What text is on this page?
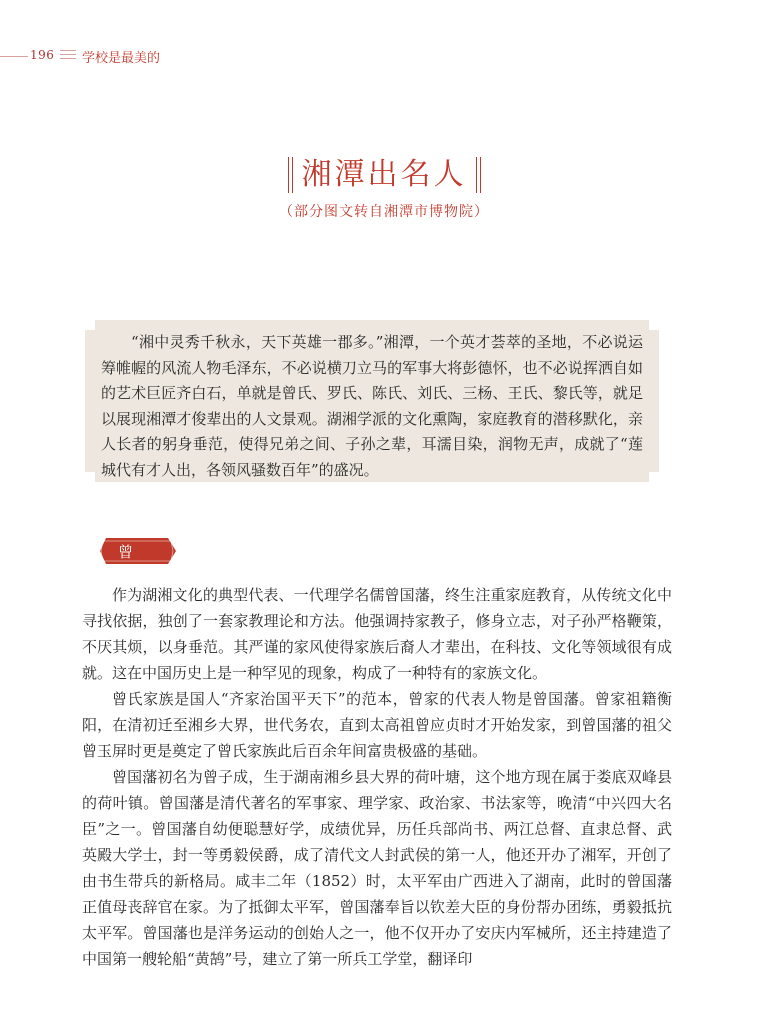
196 学校是最美的
湘潭出名人
（部分图文转自湘潭市博物院）
“湘中灵秀千秋永，天下英雄一郡多。”湘潭，一个英才荟萃的圣地，不必说运筹帷幄的风流人物毛泽东，不必说横刀立马的军事大将彭德怀，也不必说挥洒自如的艺术巨匠齐白石，单就是曾氏、罗氏、陈氏、刘氏、三杨、王氏、黎氏等，就足以展现湘潭才俊辈出的人文景观。湖湘学派的文化熏陶，家庭教育的潜移默化，亲人长者的躬身垂范，使得兄弟之间、子孙之辈，耳濡目染，润物无声，成就了“莲城代有才人出，各领风骚数百年”的盛况。
曾氏

作为湖湘文化的典型代表、一代理学名儒曾国藩，终生注重家庭教育，从传统文化中寻找依据，独创了一套家教理论和方法。他强调持家教子，修身立志，对子孙严格鞭策，不厌其烦，以身垂范。其严谨的家风使得家族后裔人才辈出，在科技、文化等领域很有成就。这在中国历史上是一种罕见的现象，构成了一种特有的家族文化。

曾氏家族是国人“齐家治国平天下”的范本，曾家的代表人物是曾国藩。曾家祖籍衡阳，在清初迁至湘乡大界，世代务农，直到太高祖曾应贞时才开始发家，到曾国藩的祖父曾玉屏时更是奠定了曾氏家族此后百余年间富贵极盛的基础。

曾国藩初名为曾子成，生于湖南湘乡县大界的荷叶塘，这个地方现在属于娄底双峰县的荷叶镇。曾国藩是清代著名的军事家、理学家、政治家、书法家等，晚清“中兴四大名臣”之一。曾国藩自幼便聪慧好学，成绩优异，历任兵部尚书、两江总督、直隶总督、武英殿大学士，封一等勇毅侯爵，成了清代文人封武侯的第一人，他还开办了湘军，开创了由书生带兵的新格局。咸丰二年（1852）时，太平军由广西进入了湖南，此时的曾国藩正值母丧辞官在家。为了抵御太平军，曾国藩奉旨以钦差大臣的身份帮办团练，勇毅抵抗太平军。曾国藩也是洋务运动的创始人之一，他不仅开办了安庆内军械所，还主持建造了中国第一艘轮船“黄鹄”号，建立了第一所兵工学堂，翻译印
